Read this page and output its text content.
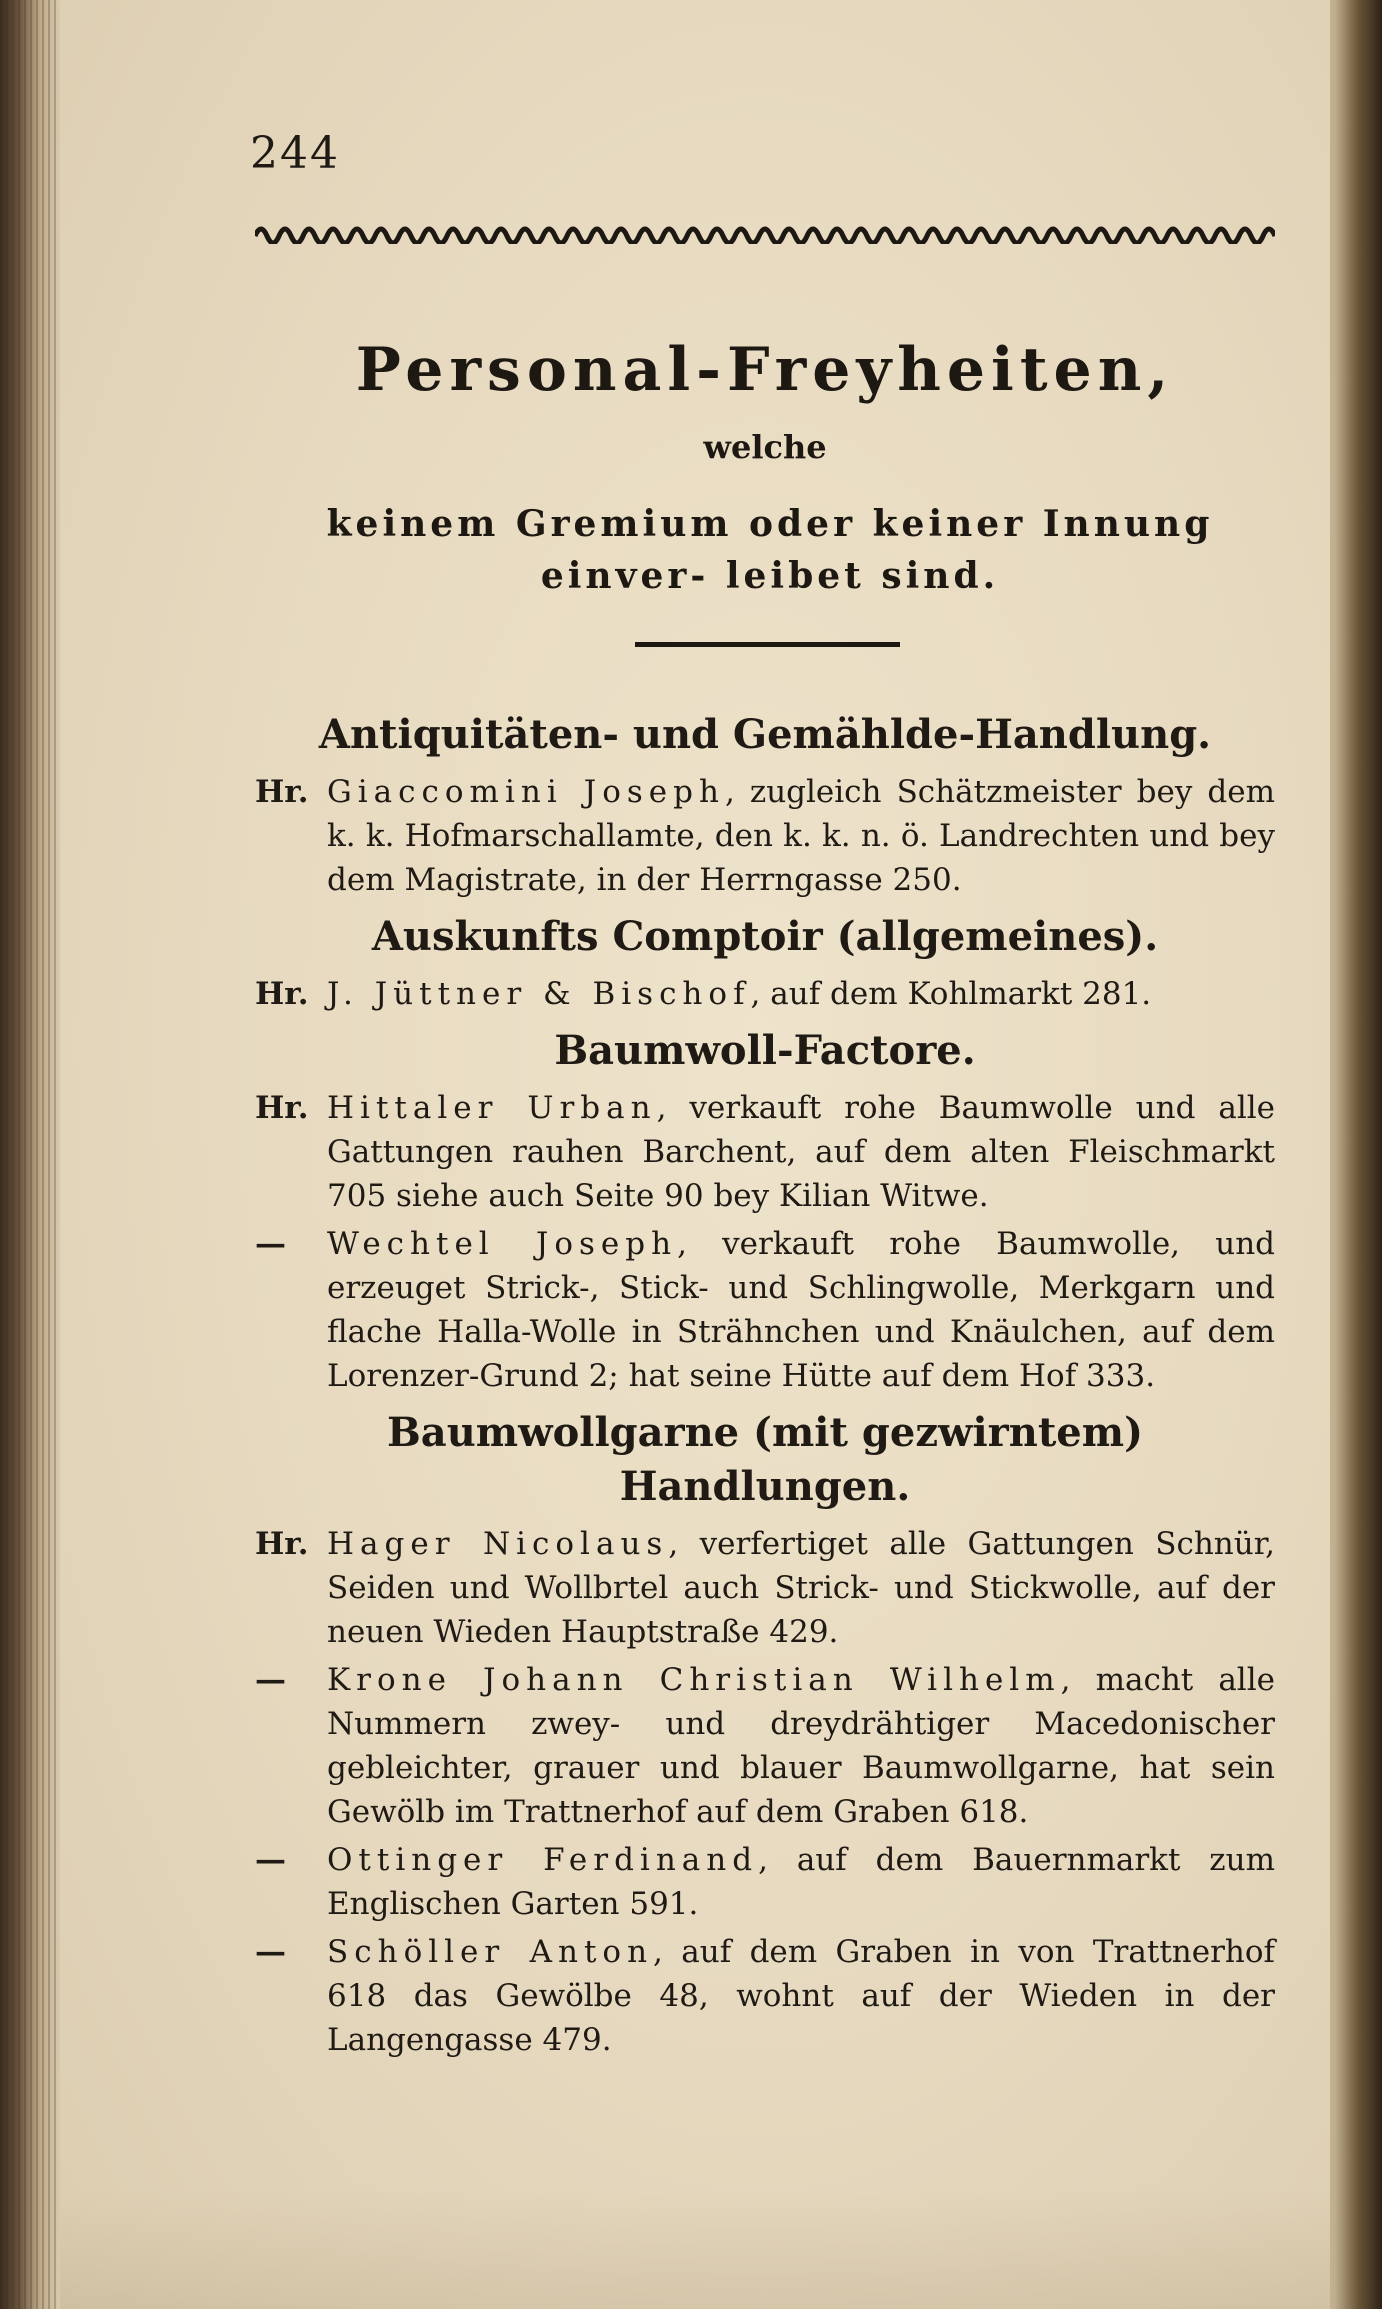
244
Personal-Freyheiten,
welche
keinem Gremium oder keiner Innung einver- leibet sind.
Antiquitäten- und Gemählde-Handlung.
Hr. Giaccomini Joseph, zugleich Schätzmeister bey dem k. k. Hofmarschallamte, den k. k. n. ö. Landrechten und bey dem Magistrate, in der Herrngasse 250.
Auskunfts Comptoir (allgemeines).
Hr. J. Jüttner & Bischof, auf dem Kohlmarkt 281.
Baumwoll-Factore.
Hr. Hittaler Urban, verkauft rohe Baumwolle und alle Gattungen rauhen Barchent, auf dem alten Fleischmarkt 705 siehe auch Seite 90 bey Kilian Witwe.
—	Wechtel Joseph, verkauft rohe Baumwolle, und erzeuget Strick-, Stick- und Schlingwolle, Merkgarn und flache Halla-Wolle in Strähnchen und Knäulchen, auf dem Lorenzer-Grund 2; hat seine Hütte auf dem Hof 333.
Baumwollgarne (mit gezwirntem) Handlungen.
Hr. Hager Nicolaus, verfertiget alle Gattungen Schnür, Seiden und Wollbrtel auch Strick- und Stickwolle, auf der neuen Wieden Hauptstraße 429.
—	Krone Johann Christian Wilhelm, macht alle Nummern zwey- und dreydrähtiger Macedonischer gebleichter, grauer und blauer Baumwollgarne, hat sein Gewölb im Trattnerhof auf dem Graben 618.
—	Ottinger Ferdinand, auf dem Bauernmarkt zum Englischen Garten 591.
—	Schöller Anton, auf dem Graben in von Trattnerhof 618 das Gewölbe 48, wohnt auf der Wieden in der Langengasse 479.
